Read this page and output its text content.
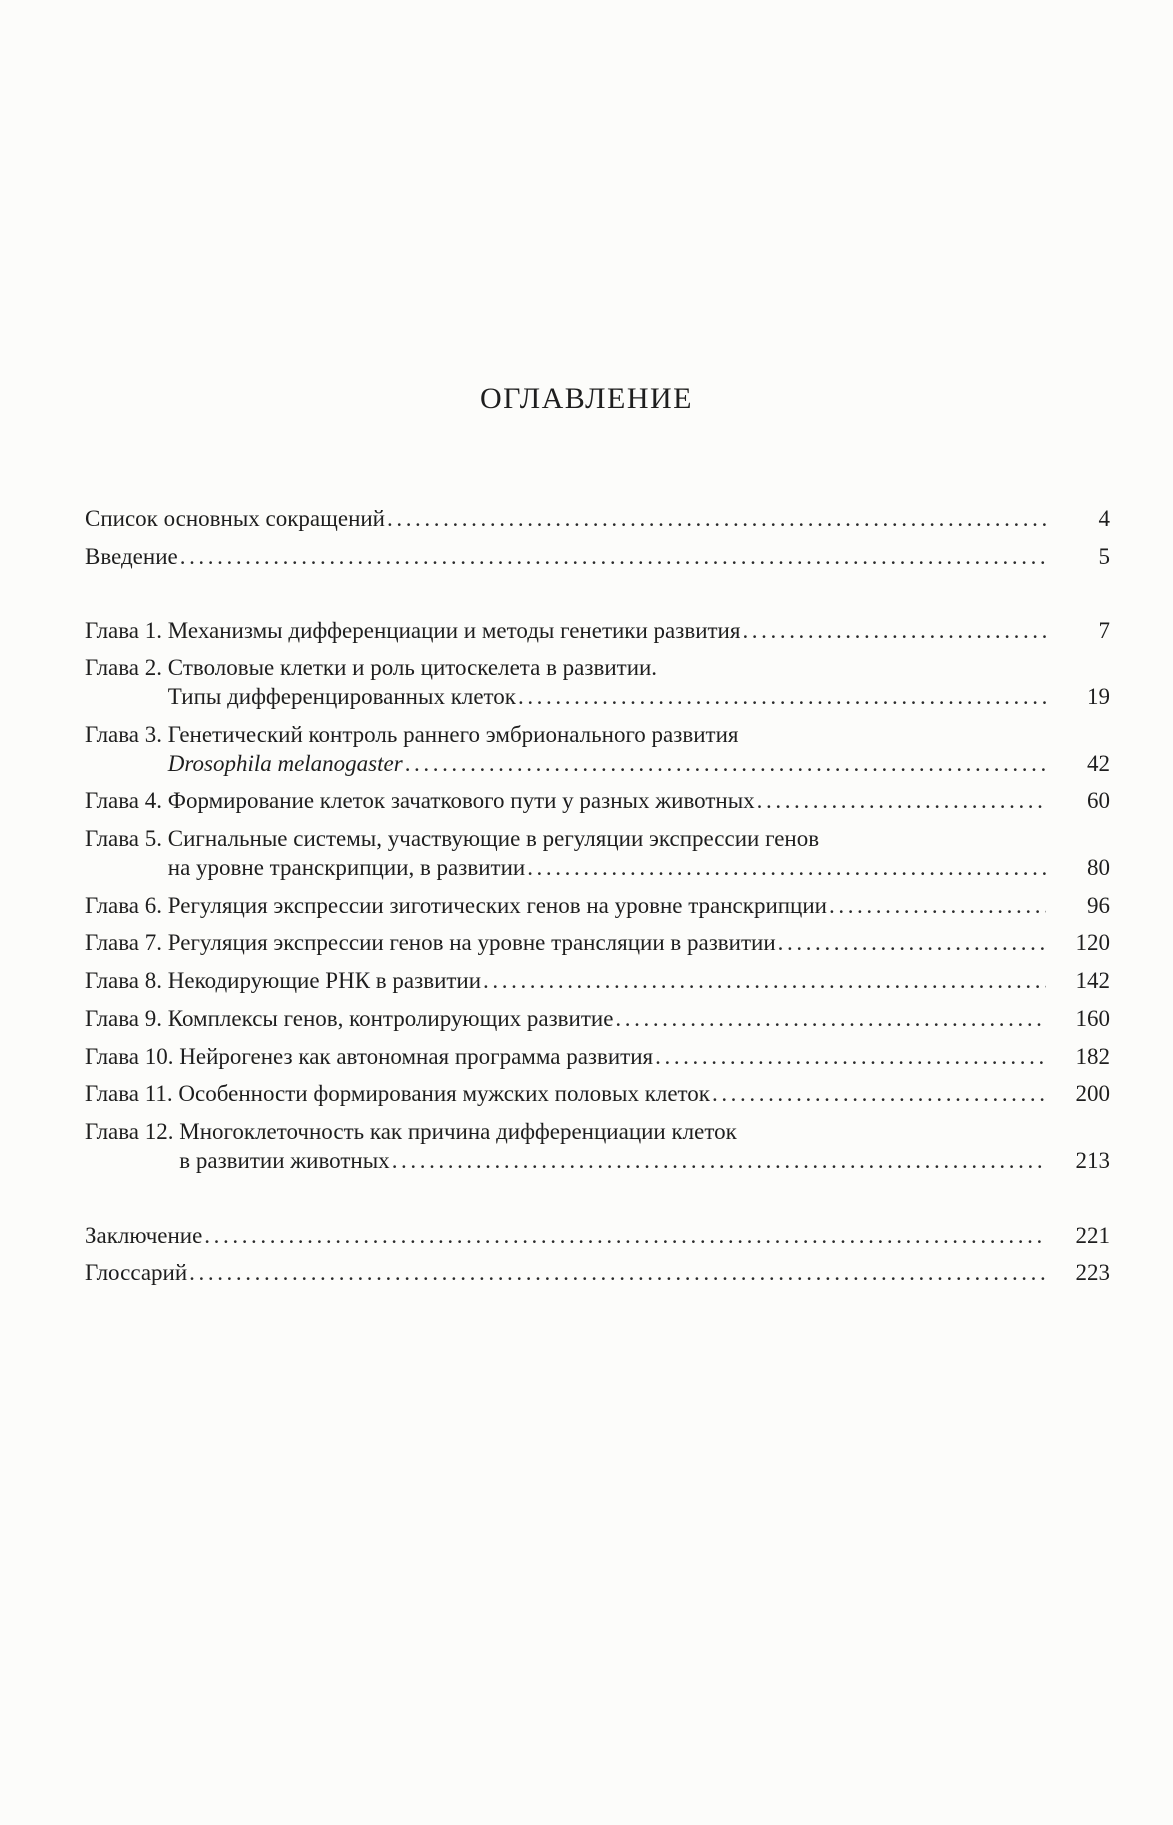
ОГЛАВЛЕНИЕ
Список основных сокращений .....	4
Введение .....	5
Глава 1.
Механизмы дифференциации и методы генетики развития .....	7
Глава 2.
Стволовые клетки и роль цитоскелета в развитии.
Типы дифференцированных клеток .....	19
Глава 3.
Генетический контроль раннего эмбрионального развития
Drosophila melanogaster .....	42
Глава 4.
Формирование клеток зачаткового пути у разных животных .....	60
Глава 5.
Сигнальные системы, участвующие в регуляции экспрессии генов
на уровне транскрипции, в развитии .....	80
Глава 6.
Регуляция экспрессии зиготических генов на уровне транскрипции .....	96
Глава 7.
Регуляция экспрессии генов на уровне трансляции в развитии .....	120
Глава 8.
Некодирующие РНК в развитии .....	142
Глава 9.
Комплексы генов, контролирующих развитие .....	160
Глава 10.
Нейрогенез как автономная программа развития .....	182
Глава 11.
Особенности формирования мужских половых клеток .....	200
Глава 12.
Многоклеточность как причина дифференциации клеток
в развитии животных .....	213
Заключение .....	221
Глоссарий .....	223
